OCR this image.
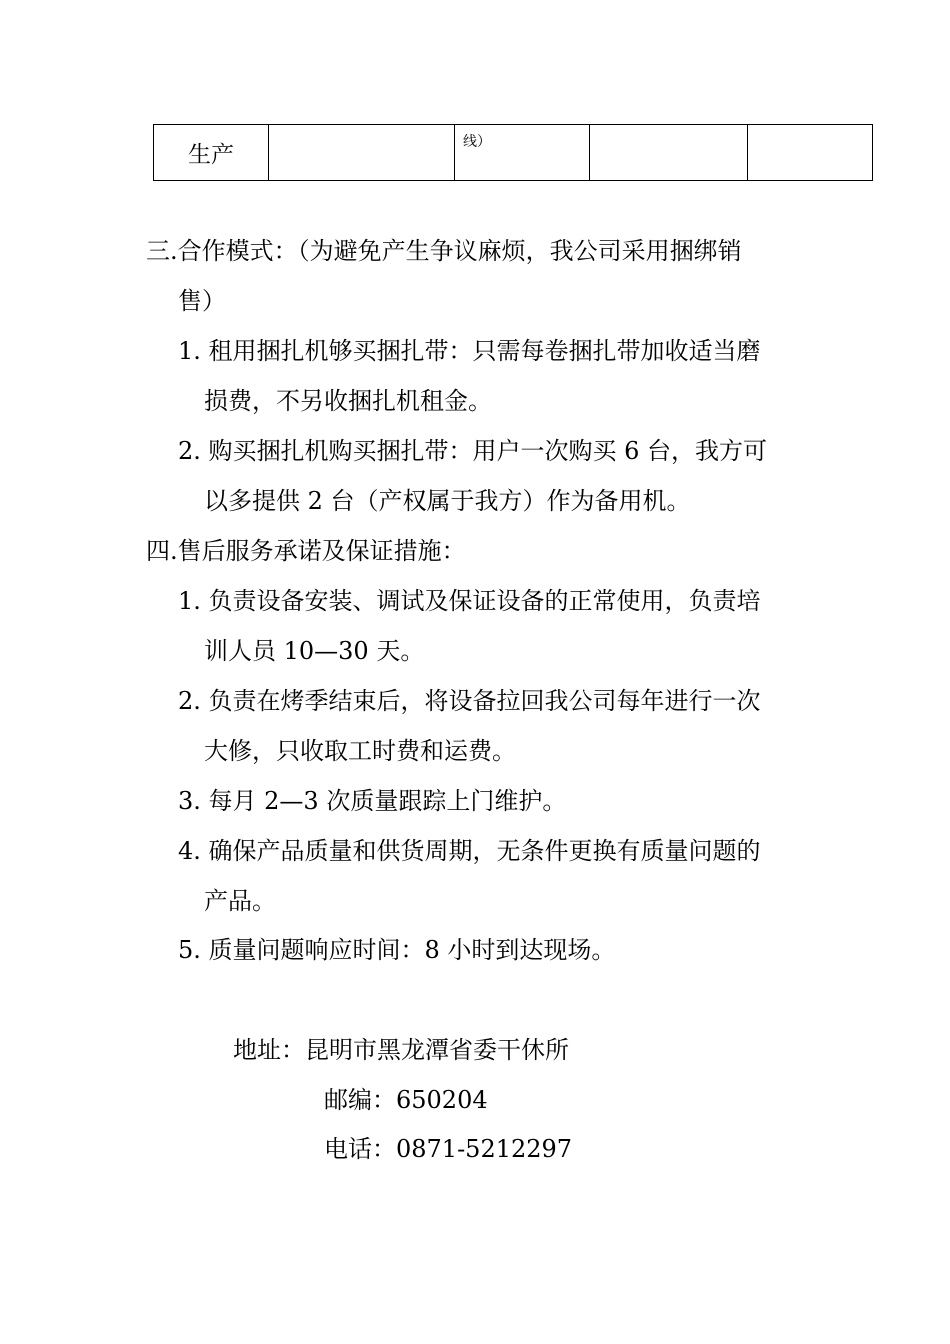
生产		线）		
三.合作模式：（为避免产生争议麻烦，我公司采用捆绑销
售）
1. 租用捆扎机够买捆扎带：只需每卷捆扎带加收适当磨
损费，不另收捆扎机租金。
2. 购买捆扎机购买捆扎带：用户一次购买 6 台，我方可
以多提供 2 台（产权属于我方）作为备用机。
四.售后服务承诺及保证措施：
1. 负责设备安装、调试及保证设备的正常使用，负责培
训人员 10—30 天。
2. 负责在烤季结束后，将设备拉回我公司每年进行一次
大修，只收取工时费和运费。
3. 每月 2—3 次质量跟踪上门维护。
4. 确保产品质量和供货周期，无条件更换有质量问题的
产品。
5. 质量问题响应时间：8 小时到达现场。
地址：昆明市黑龙潭省委干休所
邮编：650204
电话：0871-5212297
